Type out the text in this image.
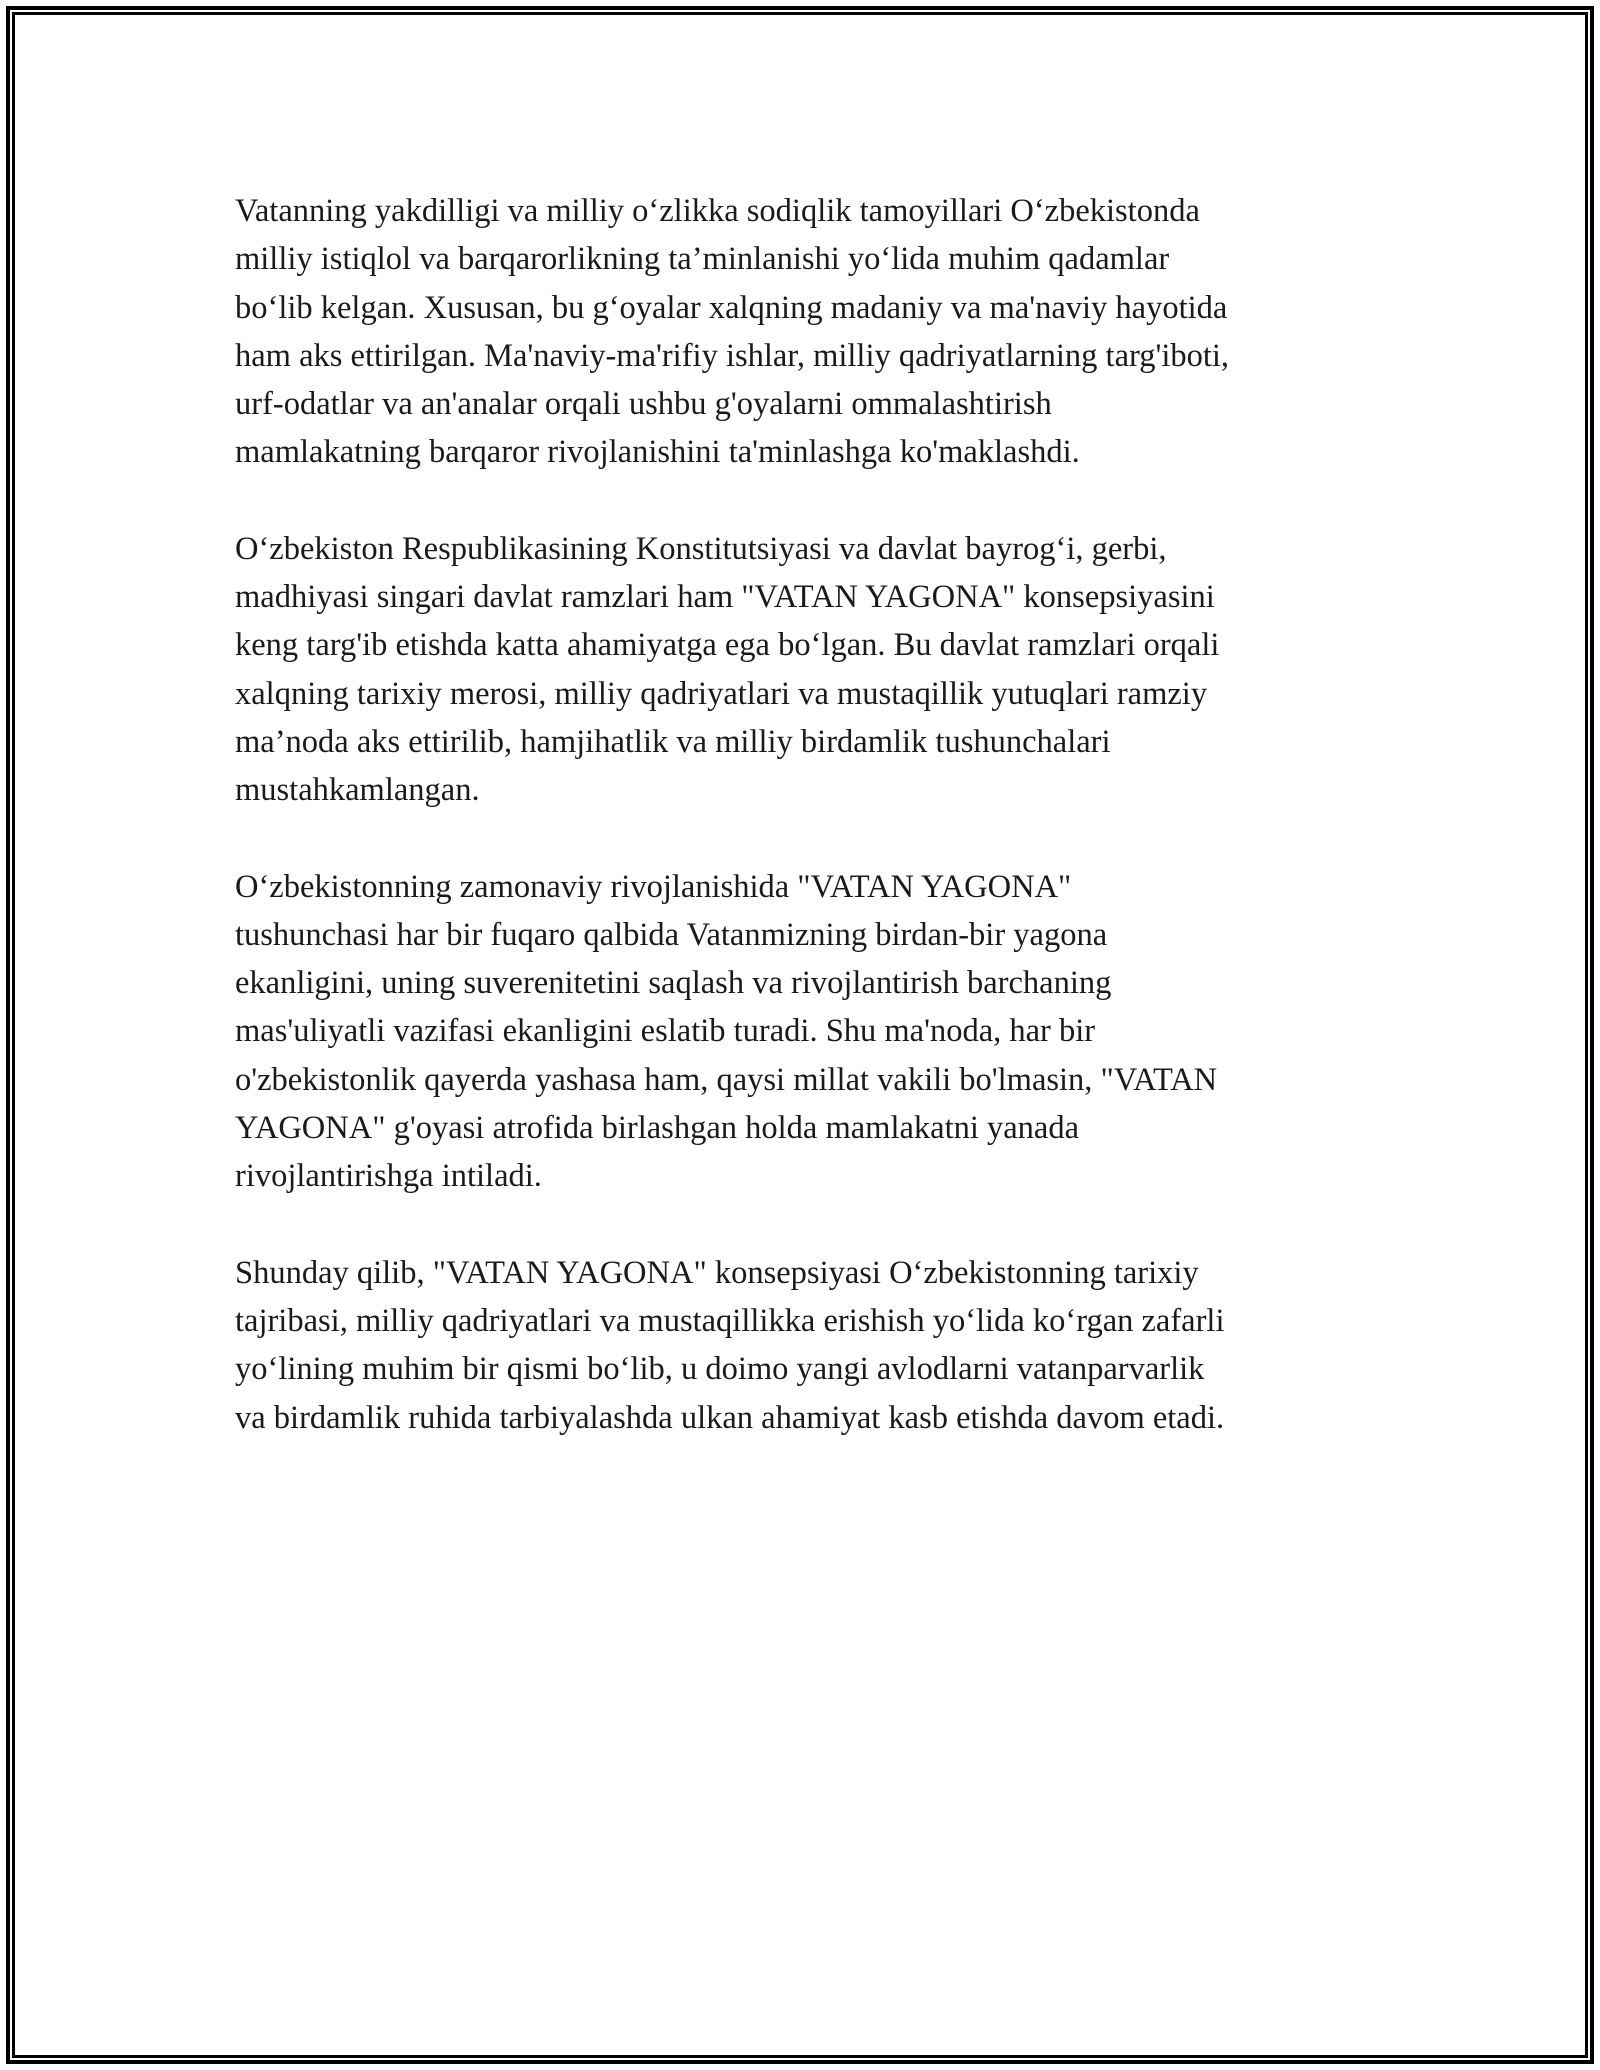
Vatanning yakdilligi va milliy oʻzlikka sodiqlik tamoyillari Oʻzbekistonda
milliy istiqlol va barqarorlikning ta’minlanishi yoʻlida muhim qadamlar
boʻlib kelgan. Xususan, bu gʻoyalar xalqning madaniy va ma'naviy hayotida
ham aks ettirilgan. Ma'naviy-ma'rifiy ishlar, milliy qadriyatlarning targ'iboti,
urf-odatlar va an'analar orqali ushbu g'oyalarni ommalashtirish
mamlakatning barqaror rivojlanishini ta'minlashga ko'maklashdi.

Oʻzbekiston Respublikasining Konstitutsiyasi va davlat bayrogʻi, gerbi,
madhiyasi singari davlat ramzlari ham "VATAN YAGONA" konsepsiyasini
keng targ'ib etishda katta ahamiyatga ega boʻlgan. Bu davlat ramzlari orqali
xalqning tarixiy merosi, milliy qadriyatlari va mustaqillik yutuqlari ramziy
ma’noda aks ettirilib, hamjihatlik va milliy birdamlik tushunchalari
mustahkamlangan.

Oʻzbekistonning zamonaviy rivojlanishida "VATAN YAGONA"
tushunchasi har bir fuqaro qalbida Vatanmizning birdan-bir yagona
ekanligini, uning suverenitetini saqlash va rivojlantirish barchaning
mas'uliyatli vazifasi ekanligini eslatib turadi. Shu ma'noda, har bir
o'zbekistonlik qayerda yashasa ham, qaysi millat vakili bo'lmasin, "VATAN
YAGONA" g'oyasi atrofida birlashgan holda mamlakatni yanada
rivojlantirishga intiladi.

Shunday qilib, "VATAN YAGONA" konsepsiyasi Oʻzbekistonning tarixiy
tajribasi, milliy qadriyatlari va mustaqillikka erishish yoʻlida koʻrgan zafarli
yoʻlining muhim bir qismi boʻlib, u doimo yangi avlodlarni vatanparvarlik
va birdamlik ruhida tarbiyalashda ulkan ahamiyat kasb etishda davom etadi.
